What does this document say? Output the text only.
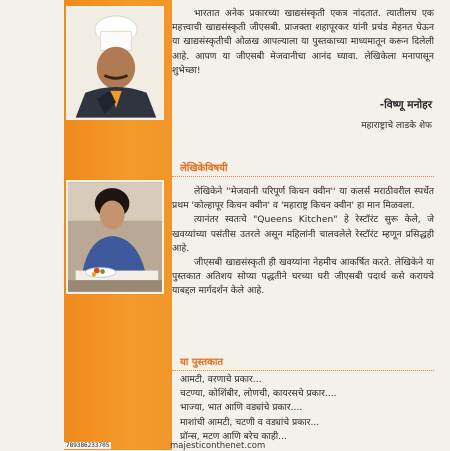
भारतात अनेक प्रकारच्या खाद्यसंस्कृती एकत्र नांदतात. त्यातीलच एक महत्त्वाची खाद्यसंस्कृती जीएसबी. प्राजक्ता शहापूरकर यांनी प्रचंड मेहनत घेऊन या खाद्यसंस्कृतीची ओळख आपल्याला या पुस्तकाच्या माध्यमातून करून दिलेली आहे. आपण या जीएसबी मेजवानीचा आनंद घ्यावा. लेखिकेला मनापासून शुभेच्छा!

-विष्णू मनोहर
महाराष्ट्राचे लाडके शेफ
लेखिकेविषयी

लेखिकेने ''मेजवानी परिपूर्ण किचन क्वीन'' या कलर्स मराठीवरील स्पर्धेत प्रथम 'कोल्हापूर किचन क्वीन' व 'महाराष्ट्र किचन क्वीन' हा मान मिळवला.

त्यानंतर स्वतःचे "Queens Kitchen" हे रेस्टॉरंट सुरू केले, जे खवय्यांच्या पसंतीस उतरले असून महिलांनी चालवलेले रेस्टॉरंट म्हणून प्रसिद्धही आहे.

जीएसबी खाद्यसंस्कृती ही खवय्यांना नेहमीच आकर्षित करते. लेखिकेने या पुस्तकात अतिशय सोप्या पद्धतीने घरच्या घरी जीएसबी पदार्थ कसे करायचे याबद्दल मार्गदर्शन केले आहे.

या पुस्तकात
आमटी, वरणाचे प्रकार...
चटण्या, कोशिंबीर, लोणची, कायरसचे प्रकार....
भाज्या, भात आणि वड्यांचे प्रकार....
माशांची आमटी, चटणी व वड्यांचे प्रकार...
प्रॉन्स, मटण आणि बरेच काही...
789386233705	majesticonthenet.com
